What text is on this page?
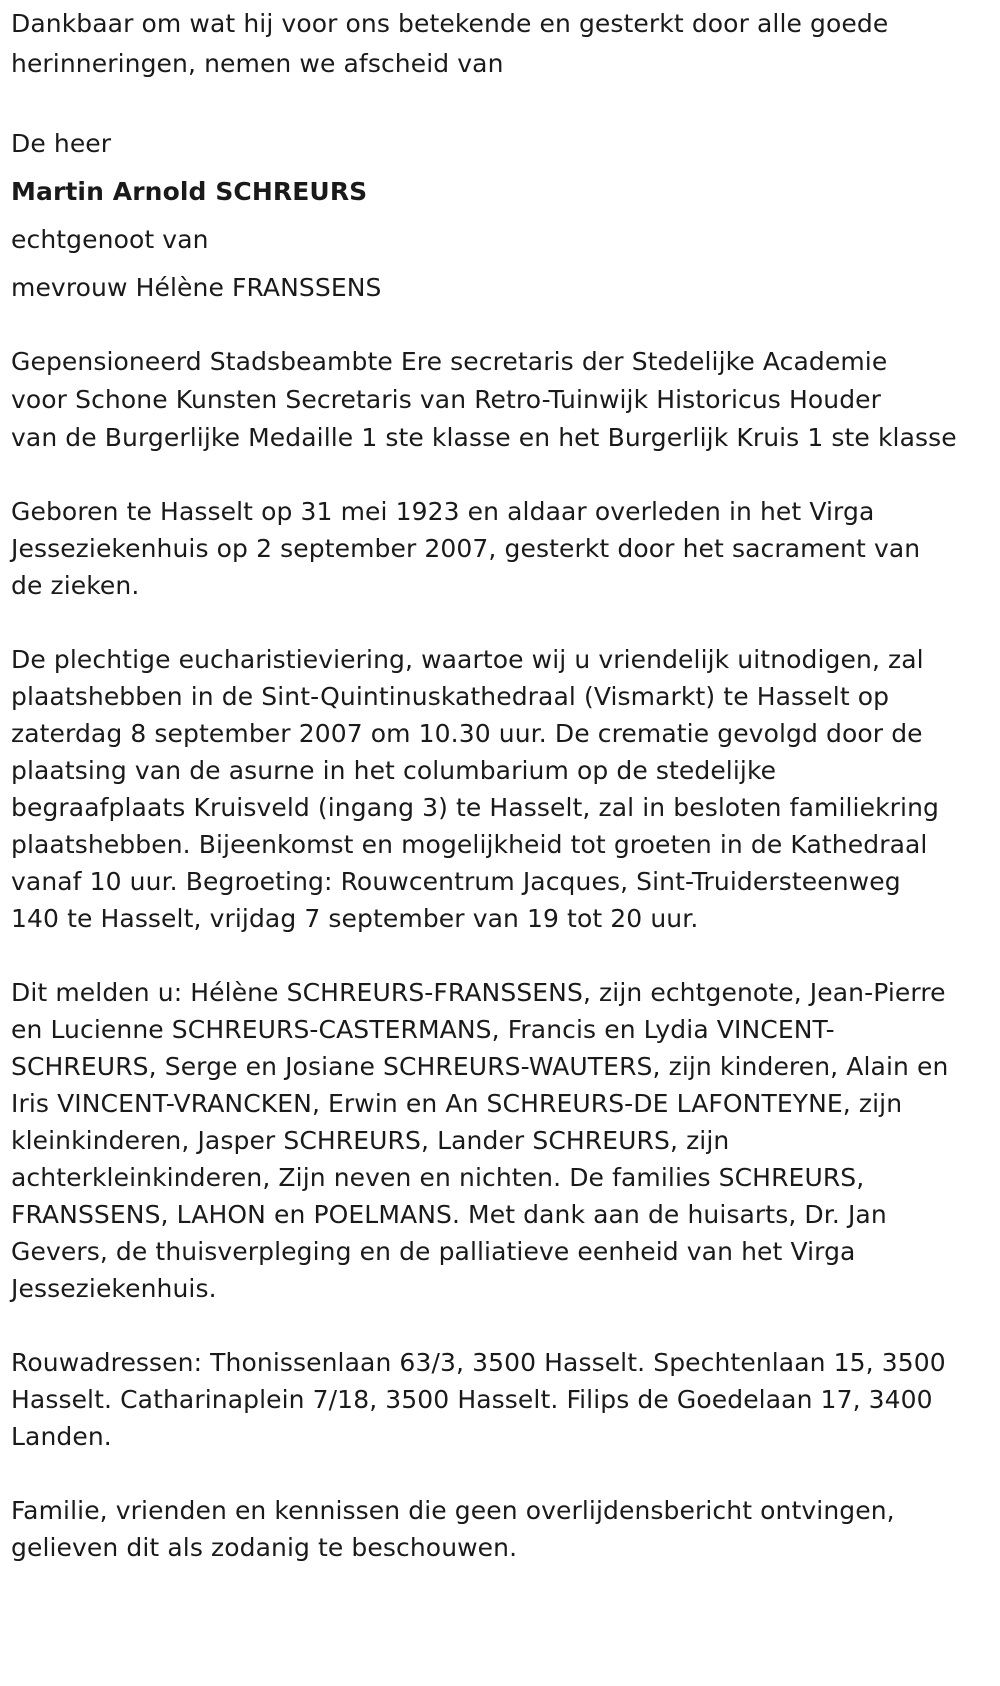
Dankbaar om wat hij voor ons betekende en gesterkt door alle goede
herinneringen, nemen we afscheid van
De heer
Martin Arnold SCHREURS
echtgenoot van
mevrouw Hélène FRANSSENS
Gepensioneerd Stadsbeambte Ere secretaris der Stedelijke Academie
voor Schone Kunsten Secretaris van Retro-Tuinwijk Historicus Houder
van de Burgerlijke Medaille 1 ste klasse en het Burgerlijk Kruis 1 ste klasse
Geboren te Hasselt op 31 mei 1923 en aldaar overleden in het Virga
Jesseziekenhuis op 2 september 2007, gesterkt door het sacrament van
de zieken.
De plechtige eucharistieviering, waartoe wij u vriendelijk uitnodigen, zal
plaatshebben in de Sint-Quintinuskathedraal (Vismarkt) te Hasselt op
zaterdag 8 september 2007 om 10.30 uur. De crematie gevolgd door de
plaatsing van de asurne in het columbarium op de stedelijke
begraafplaats Kruisveld (ingang 3) te Hasselt, zal in besloten familiekring
plaatshebben. Bijeenkomst en mogelijkheid tot groeten in de Kathedraal
vanaf 10 uur. Begroeting: Rouwcentrum Jacques, Sint-Truidersteenweg
140 te Hasselt, vrijdag 7 september van 19 tot 20 uur.
Dit melden u: Hélène SCHREURS-FRANSSENS, zijn echtgenote, Jean-Pierre
en Lucienne SCHREURS-CASTERMANS, Francis en Lydia VINCENT-
SCHREURS, Serge en Josiane SCHREURS-WAUTERS, zijn kinderen, Alain en
Iris VINCENT-VRANCKEN, Erwin en An SCHREURS-DE LAFONTEYNE, zijn
kleinkinderen, Jasper SCHREURS, Lander SCHREURS, zijn
achterkleinkinderen, Zijn neven en nichten. De families SCHREURS,
FRANSSENS, LAHON en POELMANS. Met dank aan de huisarts, Dr. Jan
Gevers, de thuisverpleging en de palliatieve eenheid van het Virga
Jesseziekenhuis.
Rouwadressen: Thonissenlaan 63/3, 3500 Hasselt. Spechtenlaan 15, 3500
Hasselt. Catharinaplein 7/18, 3500 Hasselt. Filips de Goedelaan 17, 3400
Landen.
Familie, vrienden en kennissen die geen overlijdensbericht ontvingen,
gelieven dit als zodanig te beschouwen.
